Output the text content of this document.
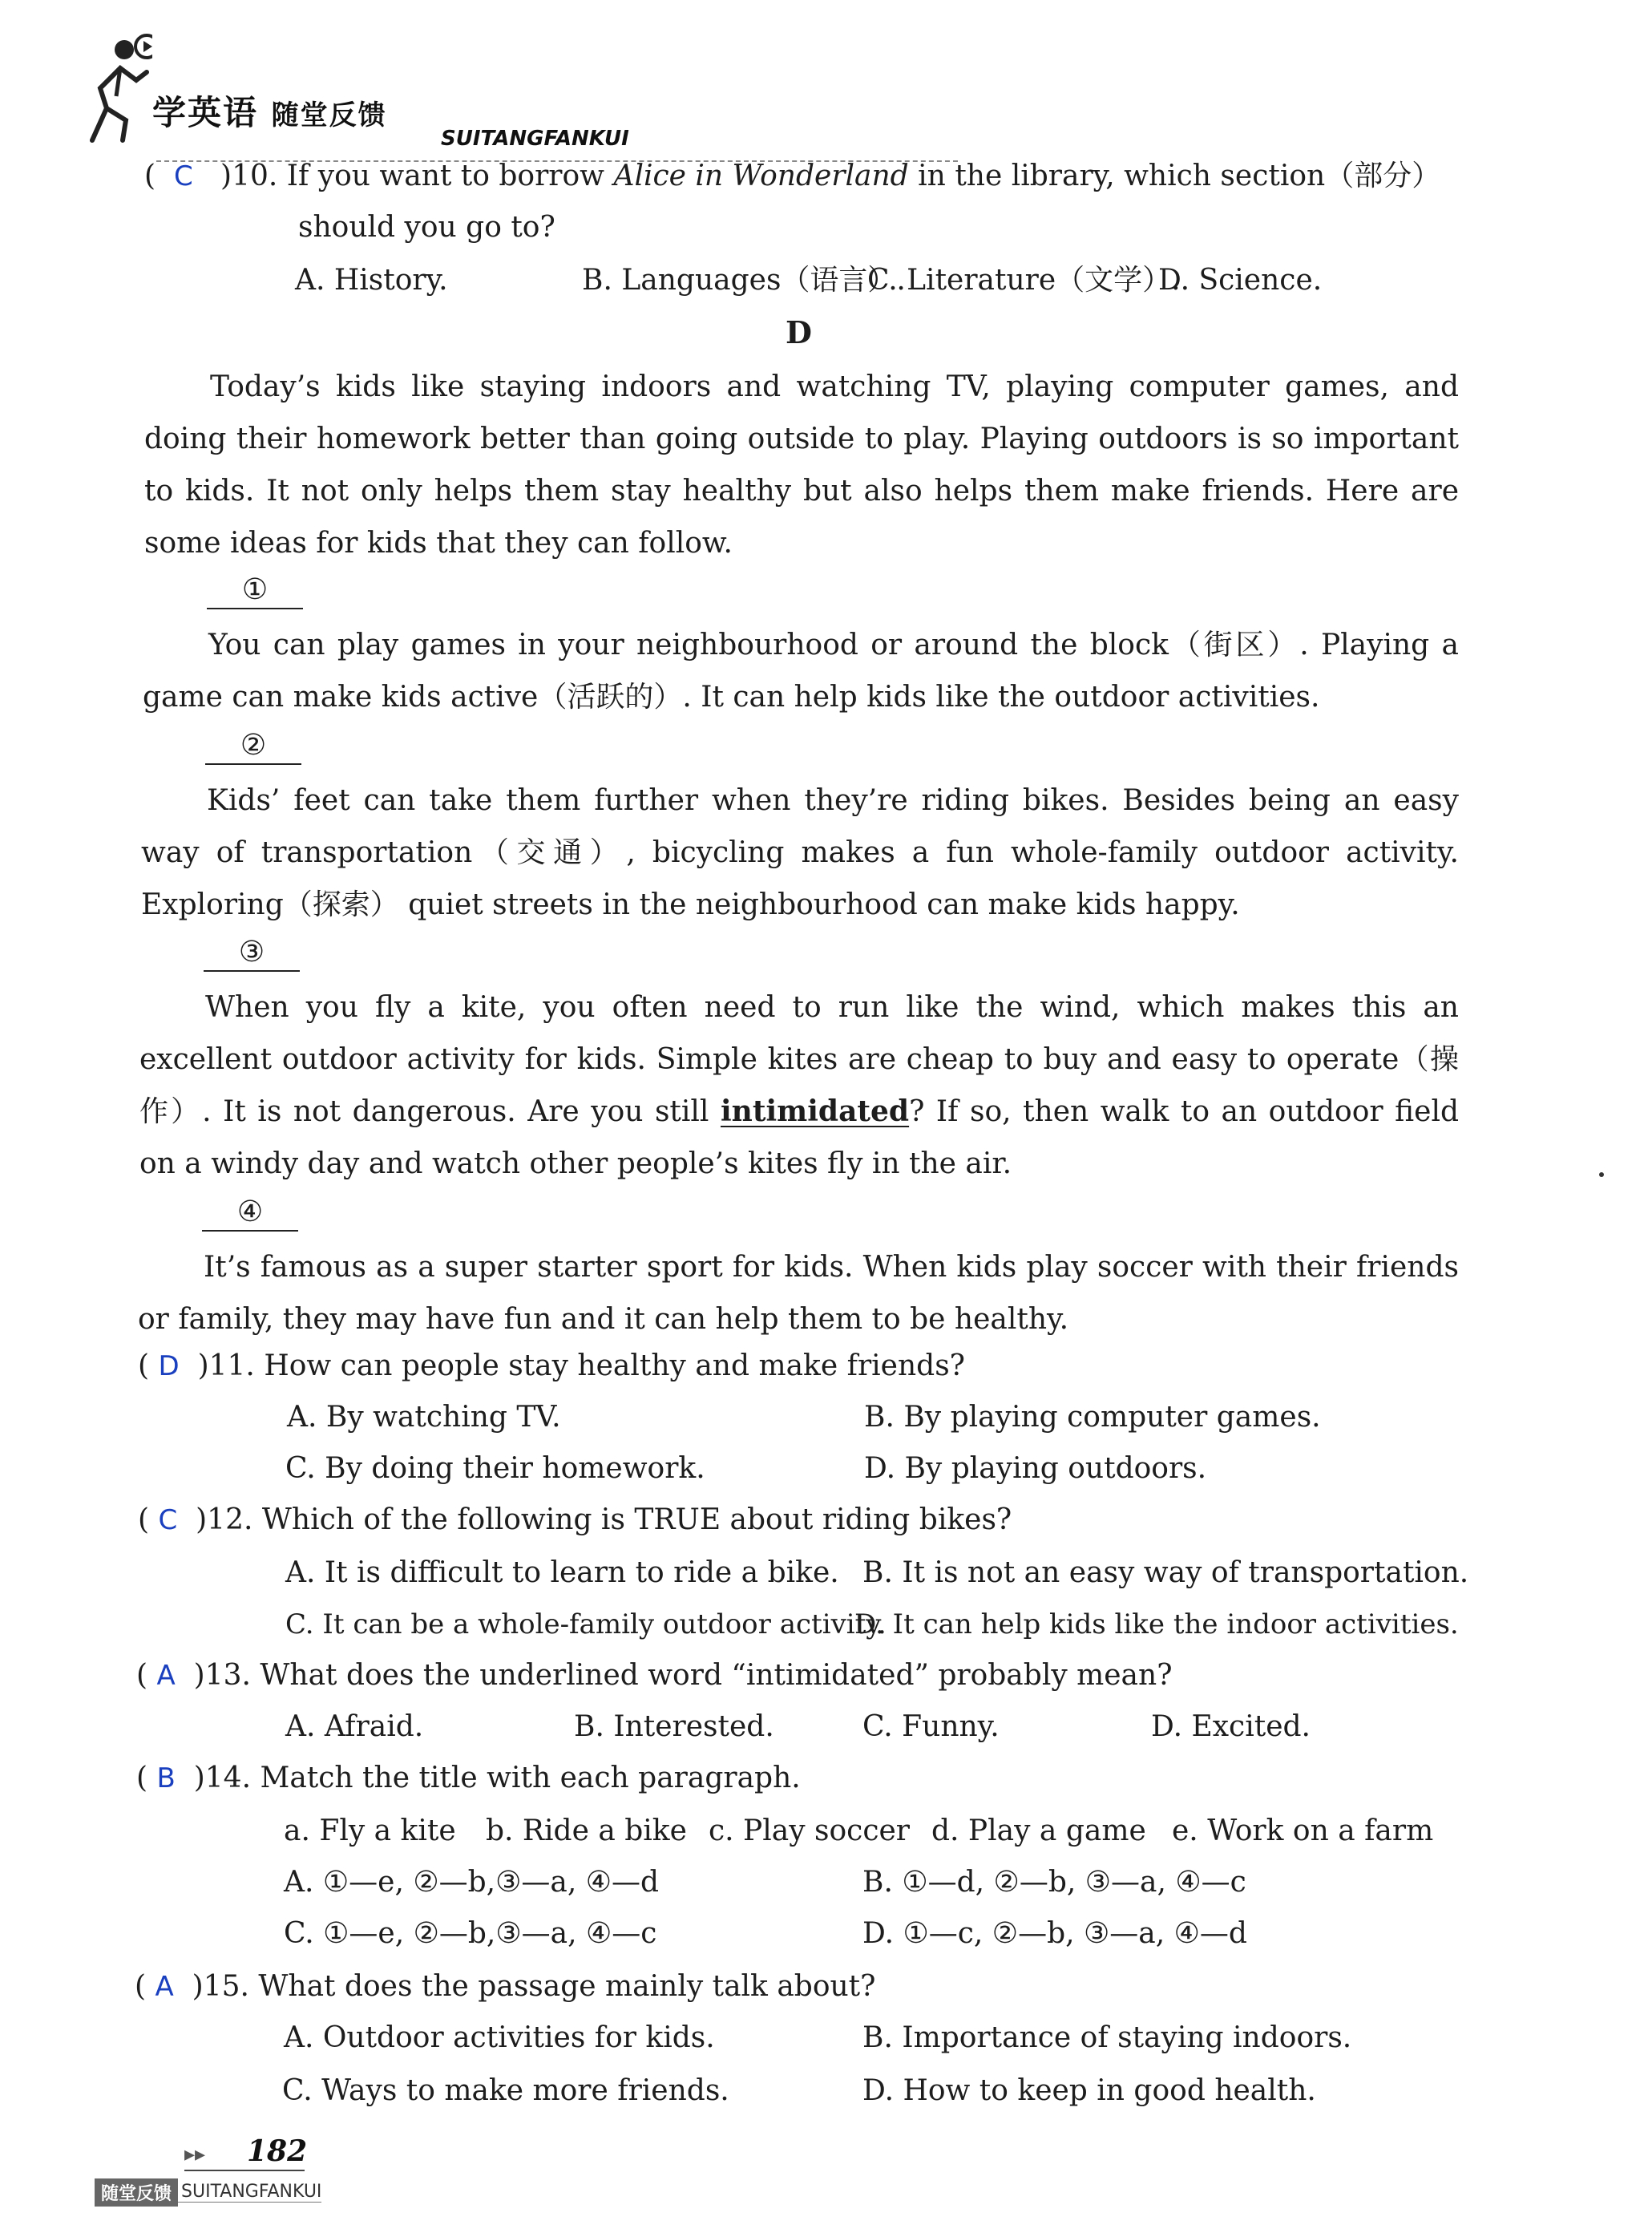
学英语 随堂反馈
SUITANGFANKUI
( C )10. If you want to borrow Alice in Wonderland in the library, which section（部分）
should you go to?
A. History.	B. Languages（语言）.
C. Literature（文学）.
D. Science.
D
Today’s kids like staying indoors and watching TV, playing computer games, and doing their homework better than going outside to play. Playing outdoors is so important to kids. It not only helps them stay healthy but also helps them make friends. Here are some ideas for kids that they can follow.
①
You can play games in your neighbourhood or around the block（街区）. Playing a game can make kids active（活跃的）. It can help kids like the outdoor activities.
②
Kids’ feet can take them further when they’re riding bikes. Besides being an easy way of transportation（交通）, bicycling makes a fun whole-family outdoor activity. Exploring（探索） quiet streets in the neighbourhood can make kids happy.
③
When you fly a kite, you often need to run like the wind, which makes this an excellent outdoor activity for kids. Simple kites are cheap to buy and easy to operate（操作）. It is not dangerous. Are you still intimidated? If so, then walk to an outdoor field on a windy day and watch other people’s kites fly in the air.
④
It’s famous as a super starter sport for kids. When kids play soccer with their friends or family, they may have fun and it can help them to be healthy.
( D )11. How can people stay healthy and make friends?
A. By watching TV.	B. By playing computer games.
C. By doing their homework.	D. By playing outdoors.
( C )12. Which of the following is TRUE about riding bikes?
A. It is difficult to learn to ride a bike. B. It is not an easy way of transportation.
C. It can be a whole-family outdoor activity.
D. It can help kids like the indoor activities.
( A )13. What does the underlined word “intimidated” probably mean?
A. Afraid.	B. Interested.	C. Funny.	D. Excited.
( B )14. Match the title with each paragraph.
a. Fly a kite b. Ride a bike c. Play soccer d. Play a game e. Work on a farm
A. ①—e, ②—b,③—a, ④—d	B. ①—d, ②—b, ③—a, ④—c
C. ①—e, ②—b,③—a, ④—c	D. ①—c, ②—b, ③—a, ④—d
( A )15. What does the passage mainly talk about?
A. Outdoor activities for kids.	B. Importance of staying indoors.
C. Ways to make more friends.	D. How to keep in good health.
▸▸ 182
随堂反馈 SUITANGFANKUI
